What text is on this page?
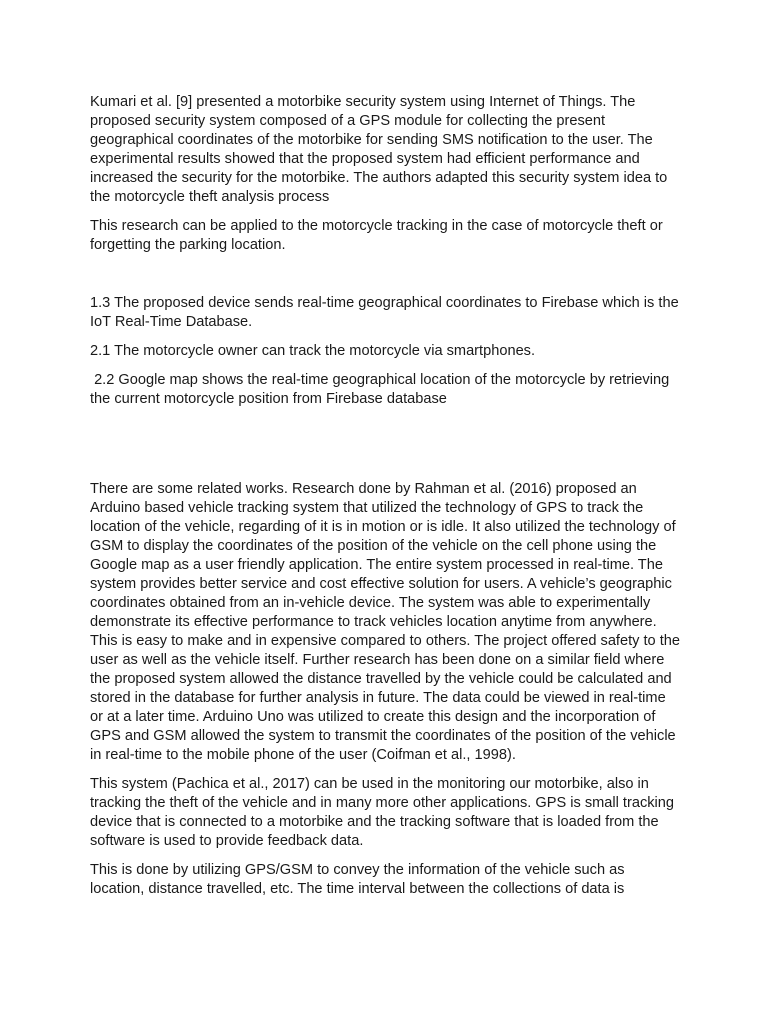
Kumari et al. [9] presented a motorbike security system using Internet of Things. The proposed security system composed of a GPS module for collecting the present geographical coordinates of the motorbike for sending SMS notification to the user. The experimental results showed that the proposed system had efficient performance and increased the security for the motorbike. The authors adapted this security system idea to the motorcycle theft analysis process

This research can be applied to the motorcycle tracking in the case of motorcycle theft or forgetting the parking location.

1.3 The proposed device sends real-time geographical coordinates to Firebase which is the IoT Real-Time Database.

2.1 The motorcycle owner can track the motorcycle via smartphones.

2.2 Google map shows the real-time geographical location of the motorcycle by retrieving the current motorcycle position from Firebase database

There are some related works. Research done by Rahman et al. (2016) proposed an Arduino based vehicle tracking system that utilized the technology of GPS to track the location of the vehicle, regarding of it is in motion or is idle. It also utilized the technology of GSM to display the coordinates of the position of the vehicle on the cell phone using the Google map as a user friendly application. The entire system processed in real-time. The system provides better service and cost effective solution for users. A vehicle’s geographic coordinates obtained from an in-vehicle device. The system was able to experimentally demonstrate its effective performance to track vehicles location anytime from anywhere. This is easy to make and in expensive compared to others. The project offered safety to the user as well as the vehicle itself. Further research has been done on a similar field where the proposed system allowed the distance travelled by the vehicle could be calculated and stored in the database for further analysis in future. The data could be viewed in real-time or at a later time. Arduino Uno was utilized to create this design and the incorporation of GPS and GSM allowed the system to transmit the coordinates of the position of the vehicle in real-time to the mobile phone of the user (Coifman et al., 1998).

This system (Pachica et al., 2017) can be used in the monitoring our motorbike, also in tracking the theft of the vehicle and in many more other applications. GPS is small tracking device that is connected to a motorbike and the tracking software that is loaded from the software is used to provide feedback data.

This is done by utilizing GPS/GSM to convey the information of the vehicle such as location, distance travelled, etc. The time interval between the collections of data is
